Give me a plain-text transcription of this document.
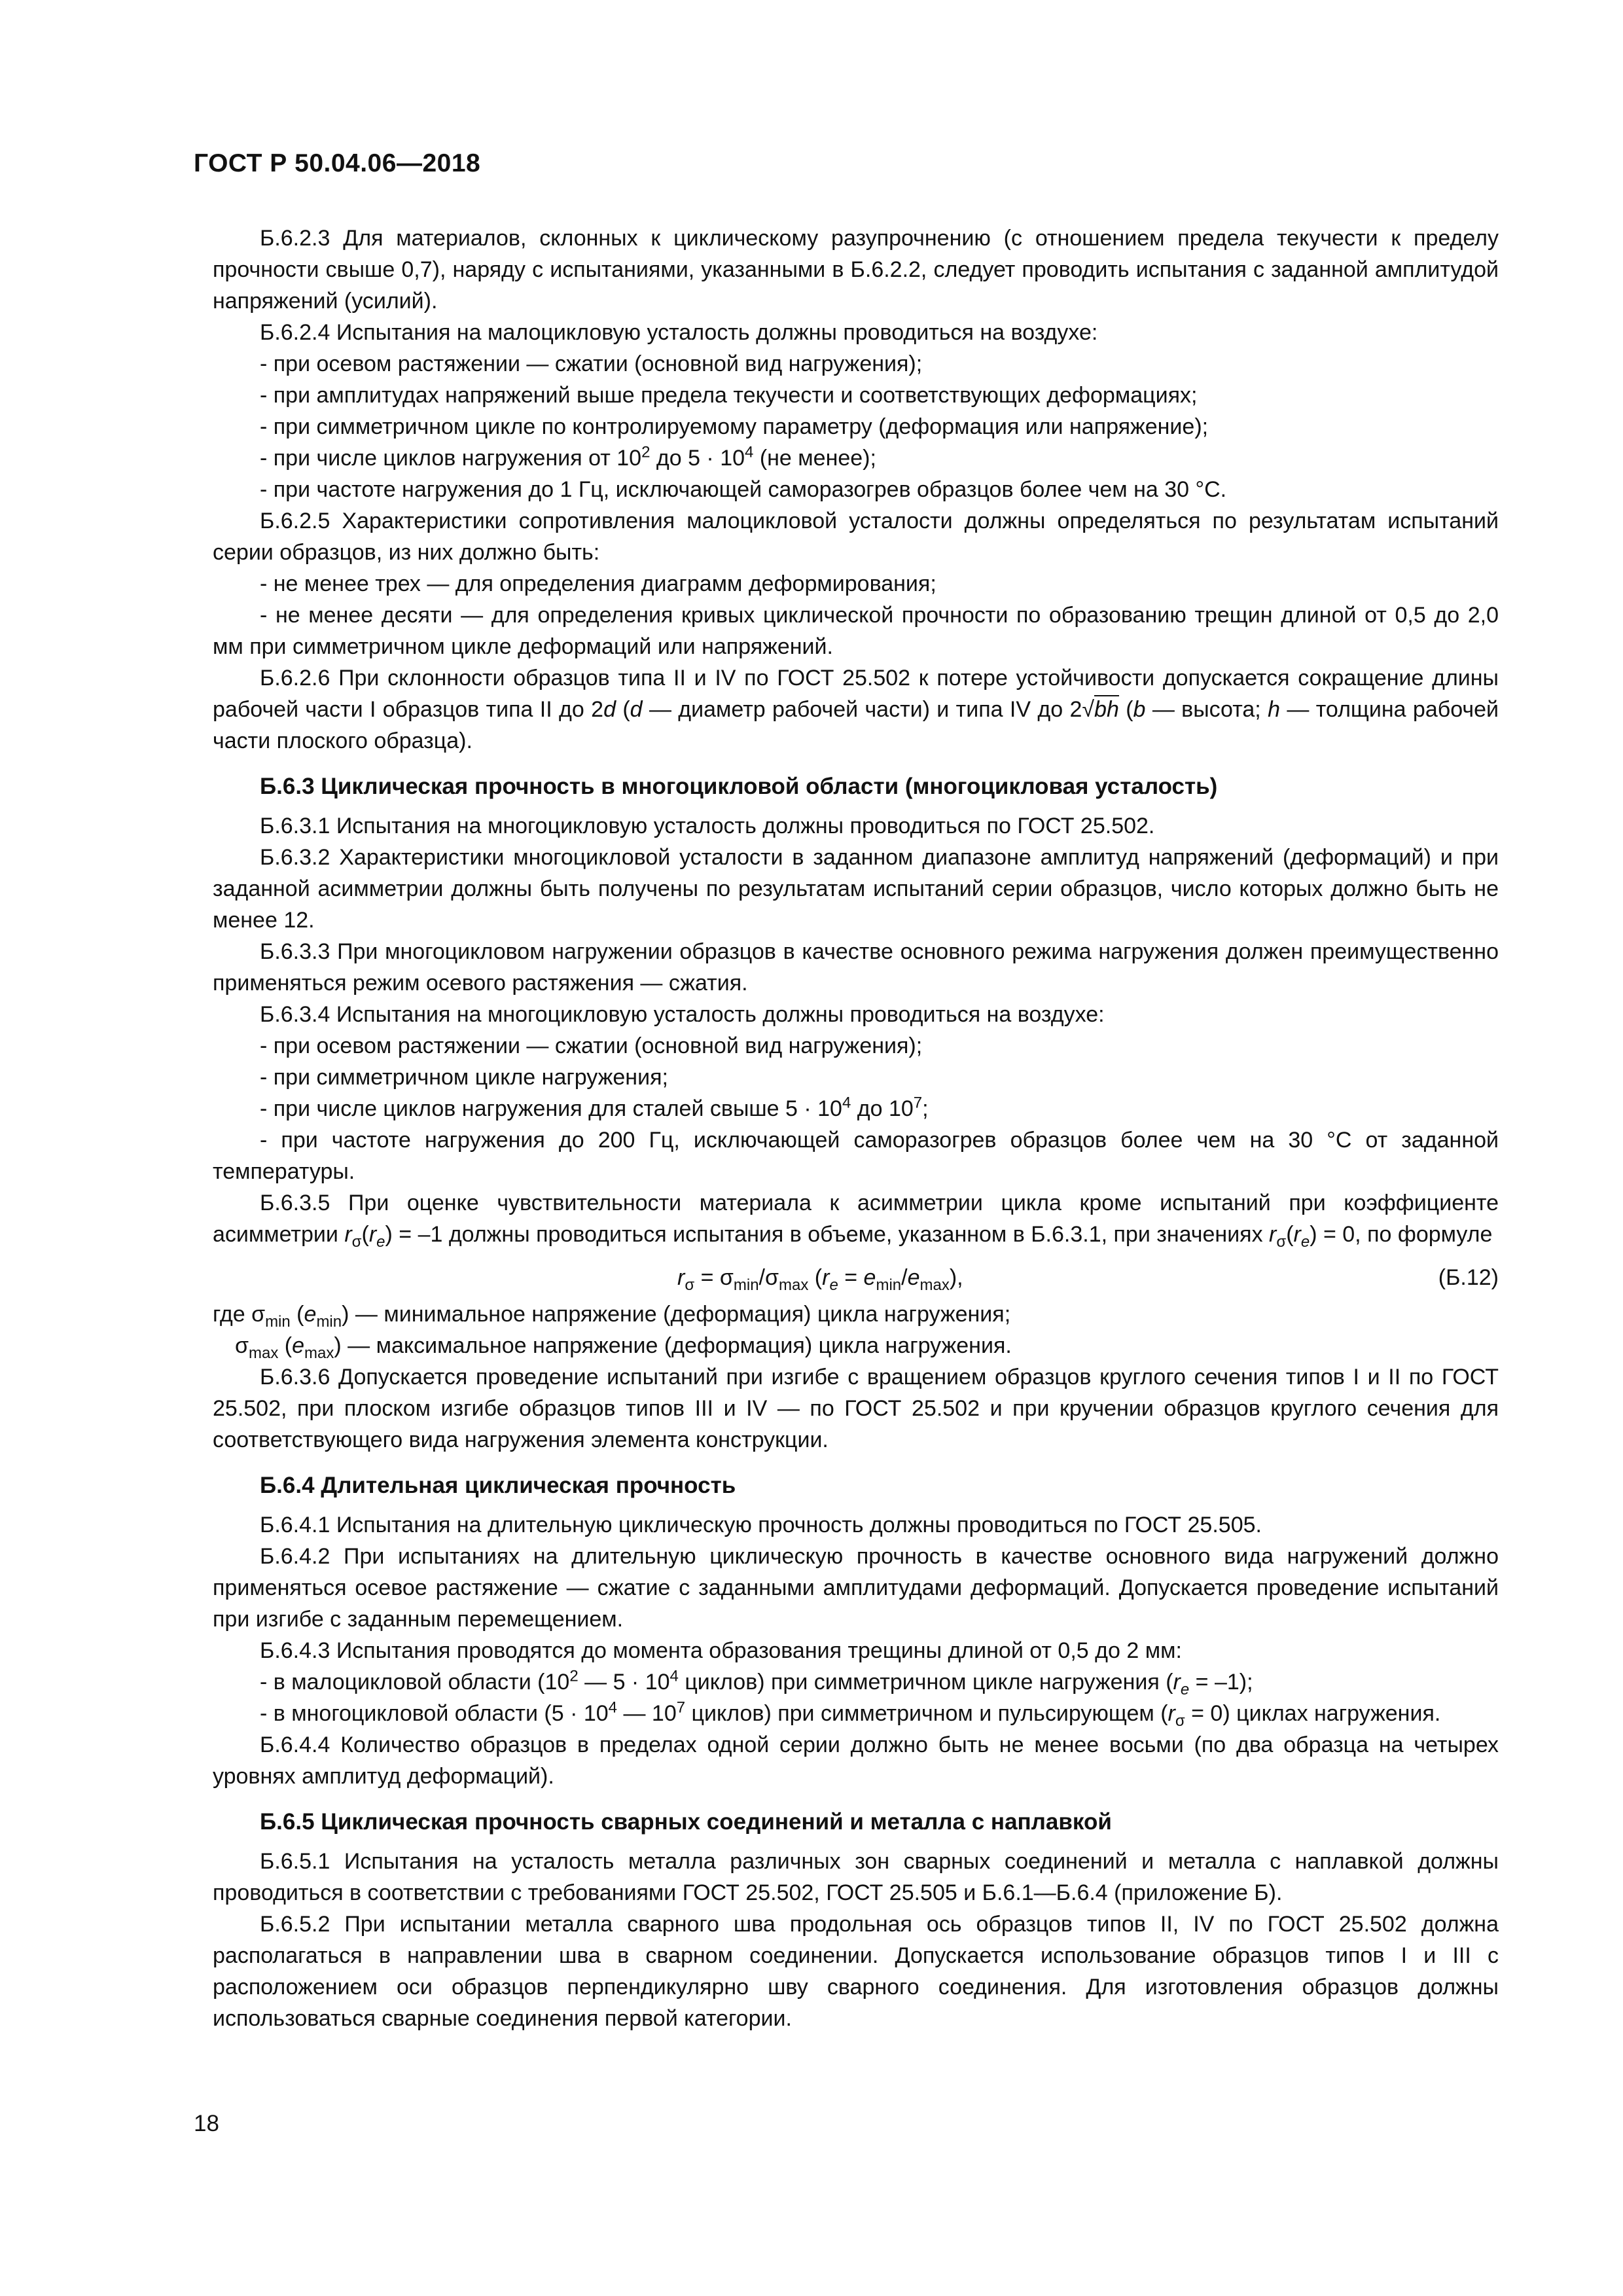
ГОСТ Р 50.04.06—2018

Б.6.2.3 Для материалов, склонных к циклическому разупрочнению (с отношением предела текучести к пределу прочности свыше 0,7), наряду с испытаниями, указанными в Б.6.2.2, следует проводить испытания с заданной амплитудой напряжений (усилий).

Б.6.2.4 Испытания на малоцикловую усталость должны проводиться на воздухе:

- при осевом растяжении — сжатии (основной вид нагружения);

- при амплитудах напряжений выше предела текучести и соответствующих деформациях;

- при симметричном цикле по контролируемому параметру (деформация или напряжение);

- при числе циклов нагружения от $10^2$ до $5 \cdot 10^4$ (не менее);

- при частоте нагружения до 1 Гц, исключающей саморазогрев образцов более чем на 30 °С.

Б.6.2.5 Характеристики сопротивления малоцикловой усталости должны определяться по результатам испытаний серии образцов, из них должно быть:

- не менее трех — для определения диаграмм деформирования;

- не менее десяти — для определения кривых циклической прочности по образованию трещин длиной от 0,5 до 2,0 мм при симметричном цикле деформаций или напряжений.

Б.6.2.6 При склонности образцов типа II и IV по ГОСТ 25.502 к потере устойчивости допускается сокращение длины рабочей части I образцов типа II до 2d (d — диаметр рабочей части) и типа IV до 2√bh (b — высота; h — толщина рабочей части плоского образца).

Б.6.3 Циклическая прочность в многоцикловой области (многоцикловая усталость)

Б.6.3.1 Испытания на многоцикловую усталость должны проводиться по ГОСТ 25.502.

Б.6.3.2 Характеристики многоцикловой усталости в заданном диапазоне амплитуд напряжений (деформаций) и при заданной асимметрии должны быть получены по результатам испытаний серии образцов, число которых должно быть не менее 12.

Б.6.3.3 При многоцикловом нагружении образцов в качестве основного режима нагружения должен преимущественно применяться режим осевого растяжения — сжатия.

Б.6.3.4 Испытания на многоцикловую усталость должны проводиться на воздухе:

- при осевом растяжении — сжатии (основной вид нагружения);

- при симметричном цикле нагружения;

- при числе циклов нагружения для сталей свыше $5 \cdot 10^4$ до $10^7$;

- при частоте нагружения до 200 Гц, исключающей саморазогрев образцов более чем на 30 °С от заданной температуры.

Б.6.3.5 При оценке чувствительности материала к асимметрии цикла кроме испытаний при коэффициенте асимметрии $r_\sigma(r_e) = -1$ должны проводиться испытания в объеме, указанном в Б.6.3.1, при значениях $r_\sigma(r_e) = 0$, по формуле

$r_\sigma = \sigma_{min}/\sigma_{max}$ $(r_e = e_{min}/e_{max})$,	(Б.12)

где $\sigma_{min}$ $(e_{min})$ — минимальное напряжение (деформация) цикла нагружения;

$\sigma_{max}$ $(e_{max})$ — максимальное напряжение (деформация) цикла нагружения.

Б.6.3.6 Допускается проведение испытаний при изгибе с вращением образцов круглого сечения типов I и II по ГОСТ 25.502, при плоском изгибе образцов типов III и IV — по ГОСТ 25.502 и при кручении образцов круглого сечения для соответствующего вида нагружения элемента конструкции.

Б.6.4 Длительная циклическая прочность

Б.6.4.1 Испытания на длительную циклическую прочность должны проводиться по ГОСТ 25.505.

Б.6.4.2 При испытаниях на длительную циклическую прочность в качестве основного вида нагружений должно применяться осевое растяжение — сжатие с заданными амплитудами деформаций. Допускается проведение испытаний при изгибе с заданным перемещением.

Б.6.4.3 Испытания проводятся до момента образования трещины длиной от 0,5 до 2 мм:

- в малоцикловой области ($10^2$ — $5 \cdot 10^4$ циклов) при симметричном цикле нагружения $(r_e = -1)$;

- в многоцикловой области ($5 \cdot 10^4$ — $10^7$ циклов) при симметричном и пульсирующем $(r_\sigma = 0)$ циклах нагружения.

Б.6.4.4 Количество образцов в пределах одной серии должно быть не менее восьми (по два образца на четырех уровнях амплитуд деформаций).

Б.6.5 Циклическая прочность сварных соединений и металла с наплавкой

Б.6.5.1 Испытания на усталость металла различных зон сварных соединений и металла с наплавкой должны проводиться в соответствии с требованиями ГОСТ 25.502, ГОСТ 25.505 и Б.6.1—Б.6.4 (приложение Б).

Б.6.5.2 При испытании металла сварного шва продольная ось образцов типов II, IV по ГОСТ 25.502 должна располагаться в направлении шва в сварном соединении. Допускается использование образцов типов I и III с расположением оси образцов перпендикулярно шву сварного соединения. Для изготовления образцов должны использоваться сварные соединения первой категории.

18
